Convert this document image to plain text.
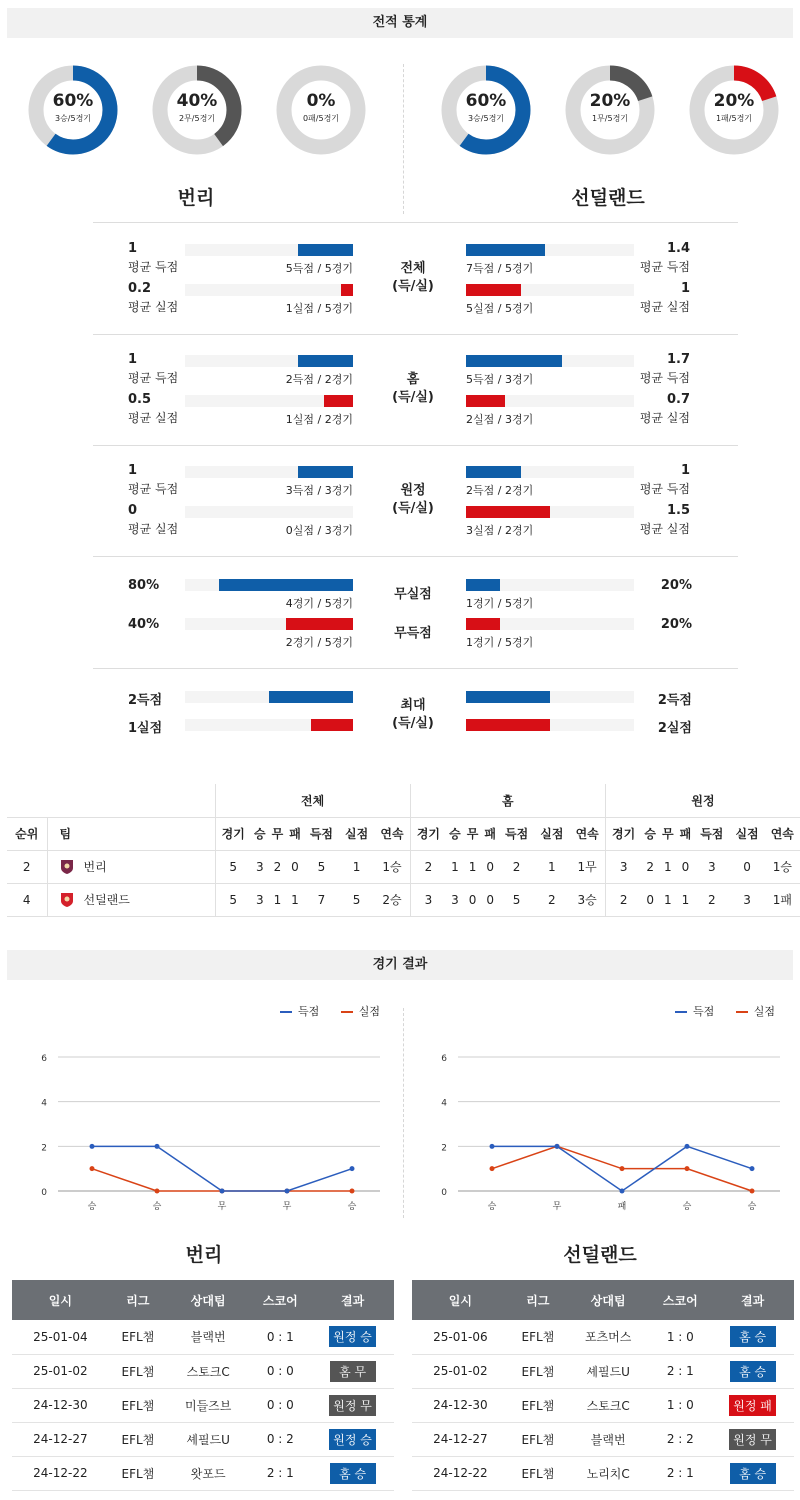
전적 통계
60%
3승/5경기
40%
2무/5경기
0%
0패/5경기
60%
3승/5경기
20%
1무/5경기
20%
1패/5경기
번리	선덜랜드
1
평균 득점	5득점 / 5경기
1.4
평균 득점
7득점 / 5경기
0.2
평균 실점	1실점 / 5경기
1
평균 실점
5실점 / 5경기
전체
(득/실)
1
평균 득점	2득점 / 2경기
1.7
평균 득점
5득점 / 3경기
0.5
평균 실점	1실점 / 2경기
0.7
평균 실점
2실점 / 3경기
홈
(득/실)
1
평균 득점	3득점 / 3경기
1
평균 득점
2득점 / 2경기
0
평균 실점	0실점 / 3경기
1.5
평균 실점
3실점 / 2경기
원정
(득/실)
80%
4경기 / 5경기
20%
1경기 / 5경기
40%
2경기 / 5경기
20%
1경기 / 5경기
무실점
무득점
2득점	2득점
1실점	2실점
최대
(득/실)
		전체							홈							원정						
순위	팀	경기	승	무	패	득점	실점	연속	경기	승	무	패	득점	실점	연속	경기	승	무	패	득점	실점	연속
2	번리	5	3	2	0	5	1	1승	2	1	1	0	2	1	1무	3	2	1	0	3	0	1승
4	선덜랜드	5	3	1	1	7	5	2승	3	3	0	0	5	2	3승	2	0	1	1	2	3	1패
경기 결과
득점	실점	득점	실점
0
2
4
6
승	승	무	무	승
0
2
4
6
승	무	패	승	승
번리	선덜랜드
일시	리그	상대팀	스코어	결과
25-01-04	EFL챔	블랙번	0 : 1	원정 승
25-01-02	EFL챔	스토크C	0 : 0	홈 무
24-12-30	EFL챔	미들즈브	0 : 0	원정 무
24-12-27	EFL챔	셰필드U	0 : 2	원정 승
24-12-22	EFL챔	왓포드	2 : 1	홈 승
일시	리그	상대팀	스코어	결과
25-01-06	EFL챔	포츠머스	1 : 0	홈 승
25-01-02	EFL챔	셰필드U	2 : 1	홈 승
24-12-30	EFL챔	스토크C	1 : 0	원정 패
24-12-27	EFL챔	블랙번	2 : 2	원정 무
24-12-22	EFL챔	노리치C	2 : 1	홈 승
